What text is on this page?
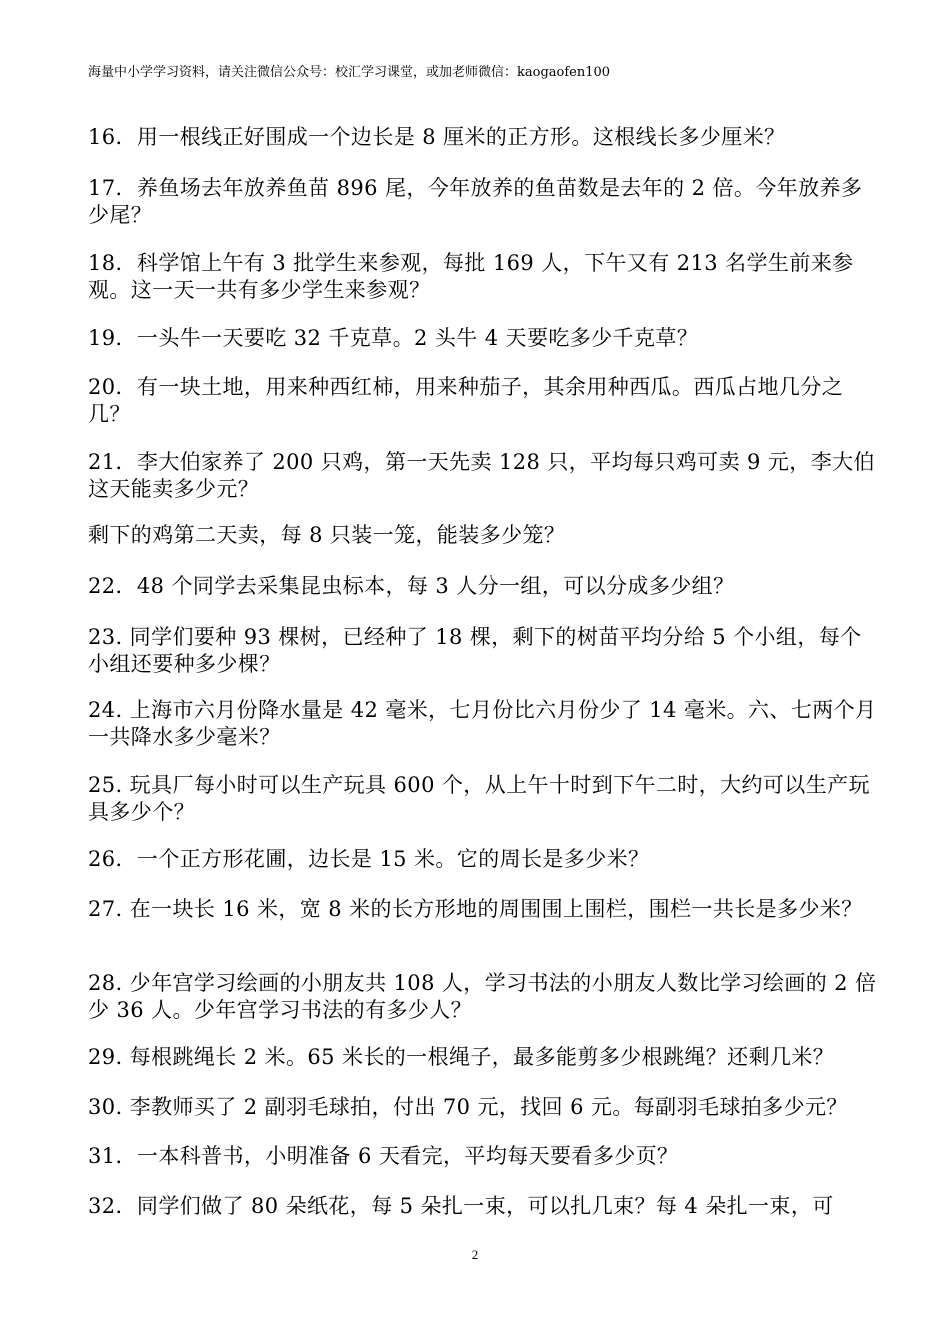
海量中小学学习资料，请关注微信公众号：校汇学习课堂，或加老师微信：kaogaofen100
16．用一根线正好围成一个边长是 8 厘米的正方形。这根线长多少厘米？
17．养鱼场去年放养鱼苗 896 尾，今年放养的鱼苗数是去年的 2 倍。今年放养多少尾？
18．科学馆上午有 3 批学生来参观，每批 169 人，下午又有 213 名学生前来参观。这一天一共有多少学生来参观？
19．一头牛一天要吃 32 千克草。2 头牛 4 天要吃多少千克草？
20．有一块土地，用来种西红柿，用来种茄子，其余用种西瓜。西瓜占地几分之几？
21．李大伯家养了 200 只鸡，第一天先卖 128 只，平均每只鸡可卖 9 元，李大伯这天能卖多少元？
剩下的鸡第二天卖，每 8 只装一笼，能装多少笼？
22．48 个同学去采集昆虫标本，每 3 人分一组，可以分成多少组？
23. 同学们要种 93 棵树，已经种了 18 棵，剩下的树苗平均分给 5 个小组，每个小组还要种多少棵？
24. 上海市六月份降水量是 42 毫米，七月份比六月份少了 14 毫米。六、七两个月一共降水多少毫米？
25. 玩具厂每小时可以生产玩具 600 个，从上午十时到下午二时，大约可以生产玩具多少个？
26．一个正方形花圃，边长是 15 米。它的周长是多少米？
27. 在一块长 16 米，宽 8 米的长方形地的周围围上围栏，围栏一共长是多少米？
28. 少年宫学习绘画的小朋友共 108 人，学习书法的小朋友人数比学习绘画的 2 倍少 36 人。少年宫学习书法的有多少人？
29. 每根跳绳长 2 米。65 米长的一根绳子，最多能剪多少根跳绳？还剩几米？
30. 李教师买了 2 副羽毛球拍，付出 70 元，找回 6 元。每副羽毛球拍多少元？
31．一本科普书，小明准备 6 天看完，平均每天要看多少页？
32．同学们做了 80 朵纸花，每 5 朵扎一束，可以扎几束？每 4 朵扎一束，可
2
